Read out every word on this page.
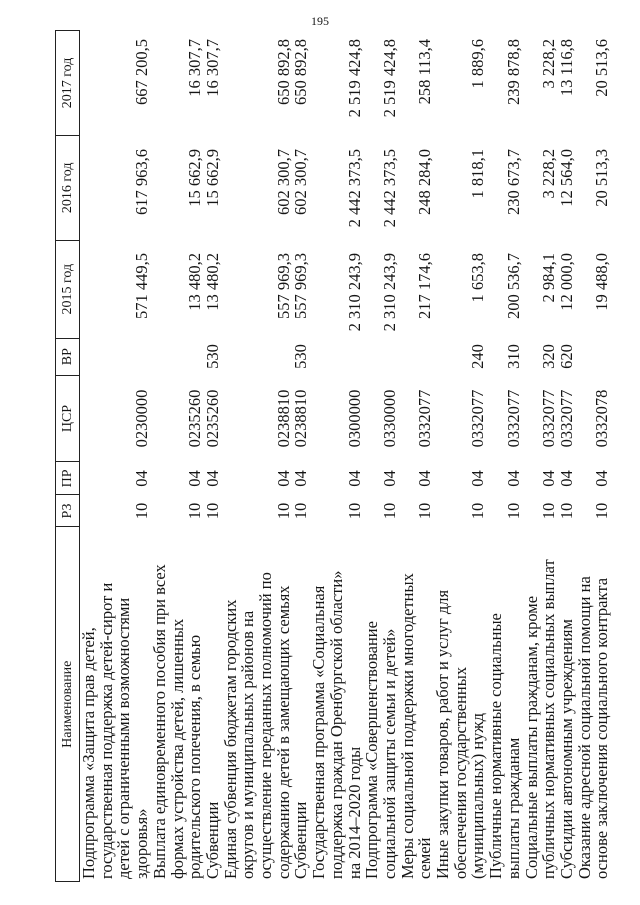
195
Наименование
РЗ
ПР
ЦСР
ВР
2015 год
2016 год
2017 год
Подпрограмма «Защита прав детей,
государственная поддержка детей-сирот и
детей с ограниченными возможностями
здоровья»
10
04
0230000
571 449,5
617 963,6
667 200,5
Выплата единовременного пособия при всех
формах устройства детей, лишенных
родительского попечения, в семью
10
04
0235260
13 480,2
15 662,9
16 307,7
Субвенции
10
04
0235260
530
13 480,2
15 662,9
16 307,7
Единая субвенция бюджетам городских
округов и муниципальных районов на
осуществление переданных полномочий по
содержанию детей в замещающих семьях
10
04
0238810
557 969,3
602 300,7
650 892,8
Субвенции
10
04
0238810
530
557 969,3
602 300,7
650 892,8
Государственная программа «Социальная
поддержка граждан Оренбургской области»
на 2014–2020 годы
10
04
0300000
2 310 243,9
2 442 373,5
2 519 424,8
Подпрограмма «Совершенствование
социальной защиты семьи и детей»
10
04
0330000
2 310 243,9
2 442 373,5
2 519 424,8
Меры социальной поддержки многодетных
семей
10
04
0332077
217 174,6
248 284,0
258 113,4
Иные закупки товаров, работ и услуг для
обеспечения государственных
(муниципальных) нужд
10
04
0332077
240
1 653,8
1 818,1
1 889,6
Публичные нормативные социальные
выплаты гражданам
10
04
0332077
310
200 536,7
230 673,7
239 878,8
Социальные выплаты гражданам, кроме
публичных нормативных социальных выплат
10
04
0332077
320
2 984,1
3 228,2
3 228,2
Субсидии автономным учреждениям
10
04
0332077
620
12 000,0
12 564,0
13 116,8
Оказание адресной социальной помощи на
основе заключения социального контракта
10
04
0332078
19 488,0
20 513,3
20 513,6
